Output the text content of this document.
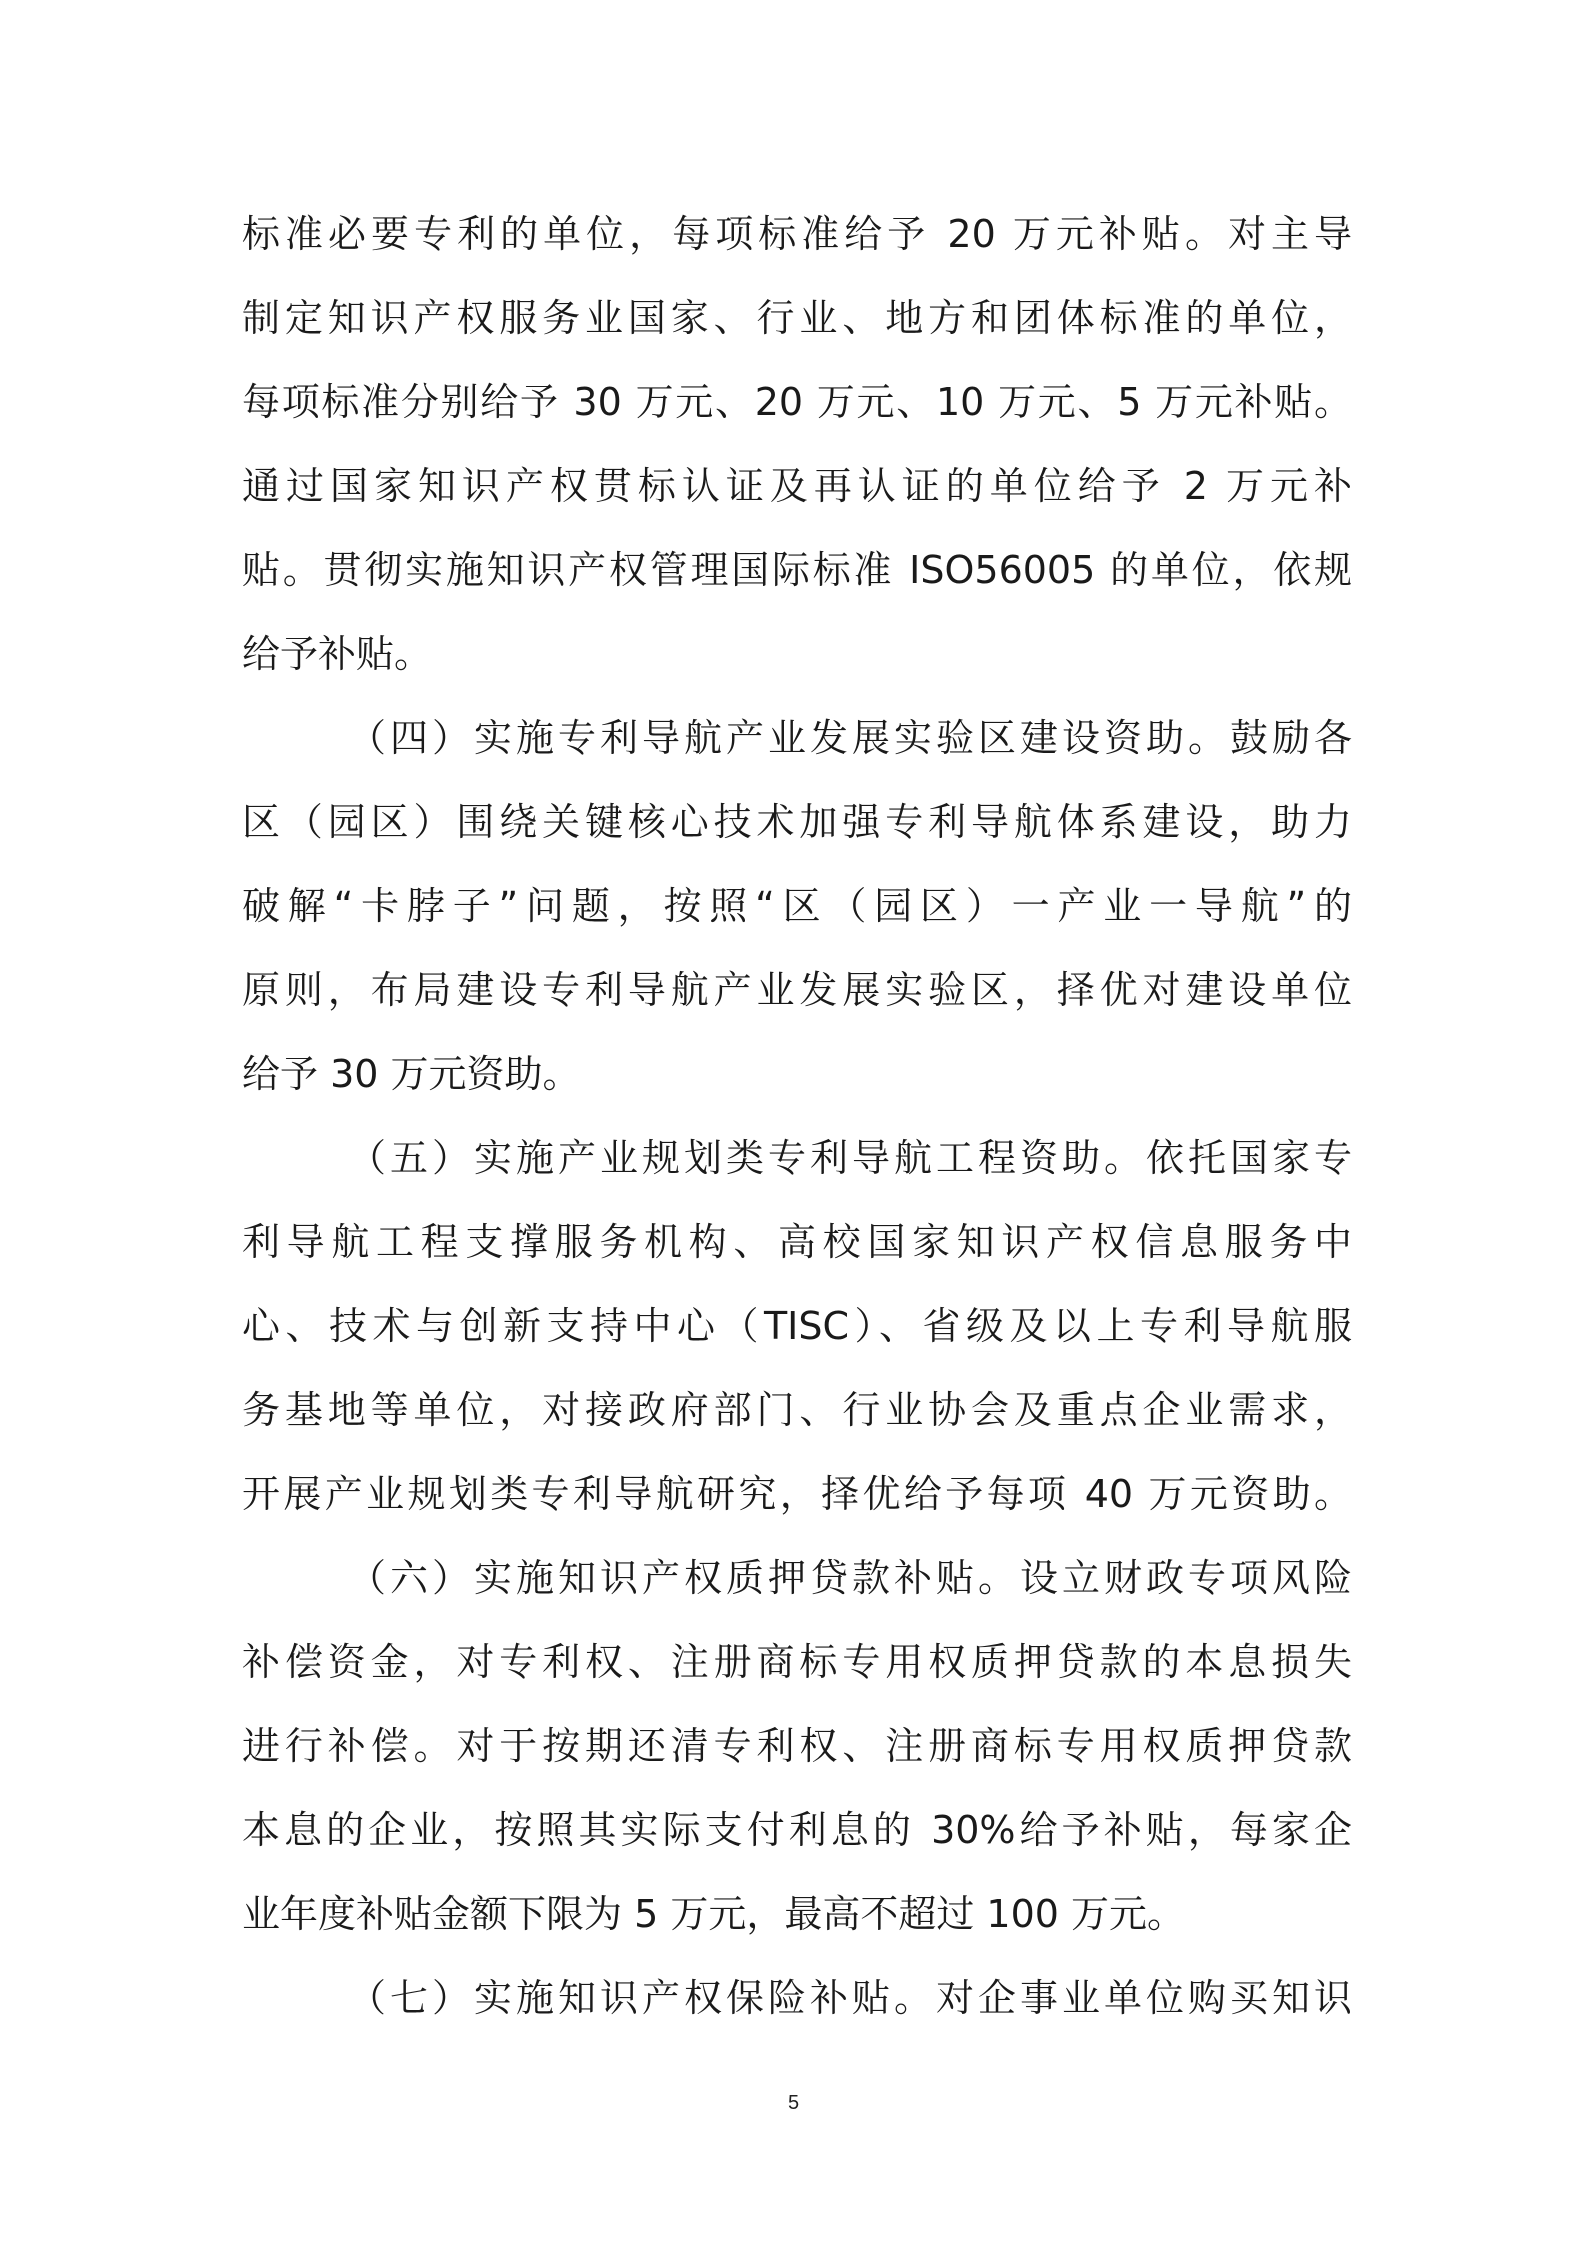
标准必要专利的单位，每项标准给予 20 万元补贴。对主导
制定知识产权服务业国家、行业、地方和团体标准的单位，
每项标准分别给予 30 万元、20 万元、10 万元、5 万元补贴。
通过国家知识产权贯标认证及再认证的单位给予 2 万元补
贴。贯彻实施知识产权管理国际标准 ISO56005 的单位，依规
给予补贴。
（四）实施专利导航产业发展实验区建设资助。鼓励各
区（园区）围绕关键核心技术加强专利导航体系建设，助力
破解“卡脖子”问题，按照“区（园区）一产业一导航”的
原则，布局建设专利导航产业发展实验区，择优对建设单位
给予 30 万元资助。
（五）实施产业规划类专利导航工程资助。依托国家专
利导航工程支撑服务机构、高校国家知识产权信息服务中
心、技术与创新支持中心（TISC）、省级及以上专利导航服
务基地等单位，对接政府部门、行业协会及重点企业需求，
开展产业规划类专利导航研究，择优给予每项 40 万元资助。
（六）实施知识产权质押贷款补贴。设立财政专项风险
补偿资金，对专利权、注册商标专用权质押贷款的本息损失
进行补偿。对于按期还清专利权、注册商标专用权质押贷款
本息的企业，按照其实际支付利息的 30%给予补贴，每家企
业年度补贴金额下限为 5 万元，最高不超过 100 万元。
（七）实施知识产权保险补贴。对企事业单位购买知识
5
